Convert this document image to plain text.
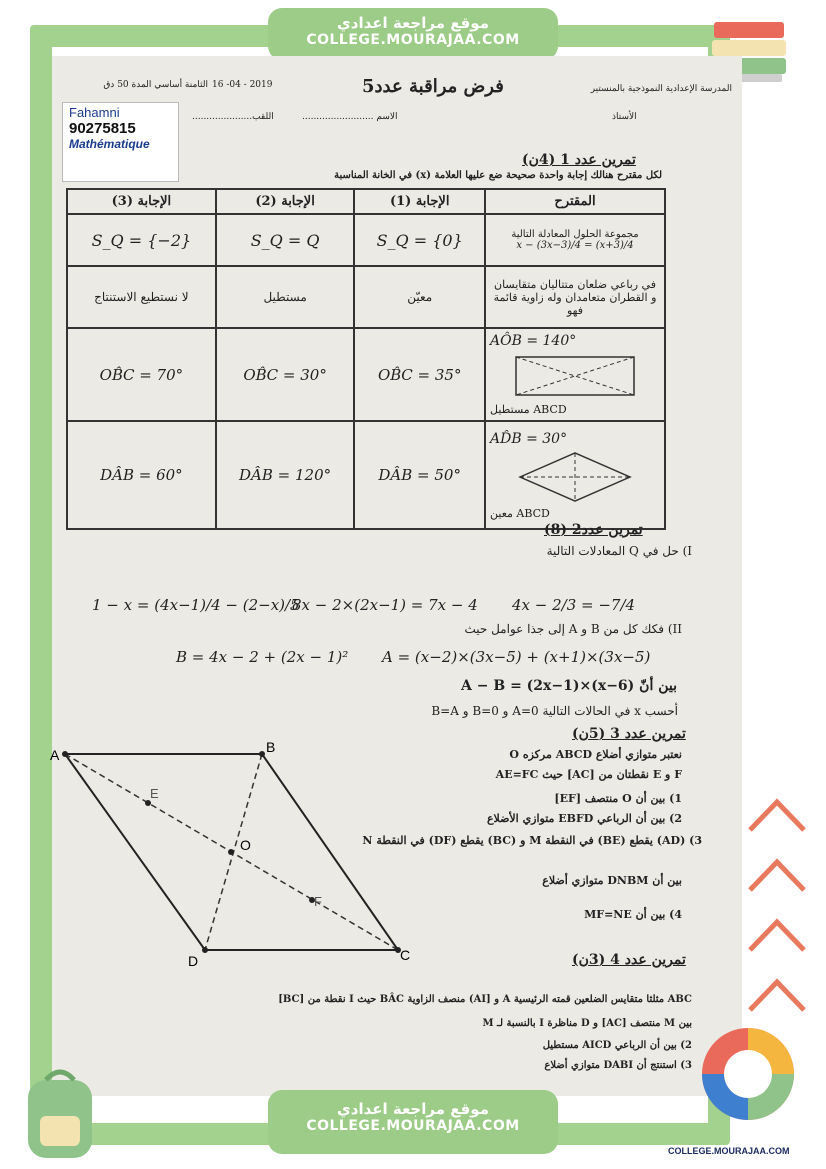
موقع مراجعة اعدادي
COLLEGE.MOURAJAA.COM
المدرسة الإعدادية النموذجية بالمنستير
2019 - 04- 16
الثامنة أساسي المدة 50 دق	فرض مراقبة عدد5
الأستاذ
الاسم .........................
اللقب.....................
Fahamni
90275815
Mathématique
تمرين عدد 1 (4ن)
لكل مقترح هنالك إجابة واحدة صحيحة ضع عليها العلامة (x) في الخانة المناسبة
الإجابة (3)	الإجابة (2)	الإجابة (1)	المقترح
S_Q = {−2}	S_Q = Q	S_Q = {0}	مجموعة الحلول المعادلة التالية
x − (3x−3)/4 = (x+3)/4
لا نستطيع الاستنتاج	مستطيل	معيّن	في رباعي ضلعان متتاليان متقايسان و القطران متعامدان وله زاوية قائمة فهو
OB̂C = 70°	OB̂C = 30°	OB̂C = 35°	AÔB = 140°
مستطيل ABCD
DÂB = 60°	DÂB = 120°	DÂB = 50°	AD̂B = 30°
معين ABCD
تمرين عدد2 (8)
I) حل في Q المعادلات التالية
1 − x = (4x−1)/4 − (2−x)/5
8x − 2×(2x−1) = 7x − 4 4x − 2/3 = −7/4
II) فكك كل من B و A إلى جذا عوامل حيث
B = 4x − 2 + (2x − 1)² A = (x−2)×(3x−5) + (x+1)×(3x−5)
بين أنّ A − B = (2x−1)×(x−6)
أحسب x في الحالات التالية A=0 و B=0 و B=A
تمرين عدد 3 (5ن)
نعتبر متوازي أضلاع ABCD مركزه O
F و E نقطتان من [AC] حيث AE=FC
1) بين أن O منتصف [EF]
2) بين أن الرباعي EBFD متوازي الأضلاع
3) (AD) يقطع (BE) في النقطة M و (BC) يقطع (DF) في النقطة N
بين أن DNBM متوازي أضلاع
4) بين أن MF=NE
تمرين عدد 4 (3ن)
ABC مثلثا متقايس الضلعين قمته الرئيسية A و [AI) منصف الزاوية BÂC حيث I نقطة من [BC]
بين M منتصف [AC] و D مناظرة I بالنسبة لـ M
2) بين أن الرباعي AICD مستطيل
3) استنتج أن DABI متوازي أضلاع
A	B
C
D
E
F
O
موقع مراجعة اعدادي
COLLEGE.MOURAJAA.COM
COLLEGE.MOURAJAA.COM
